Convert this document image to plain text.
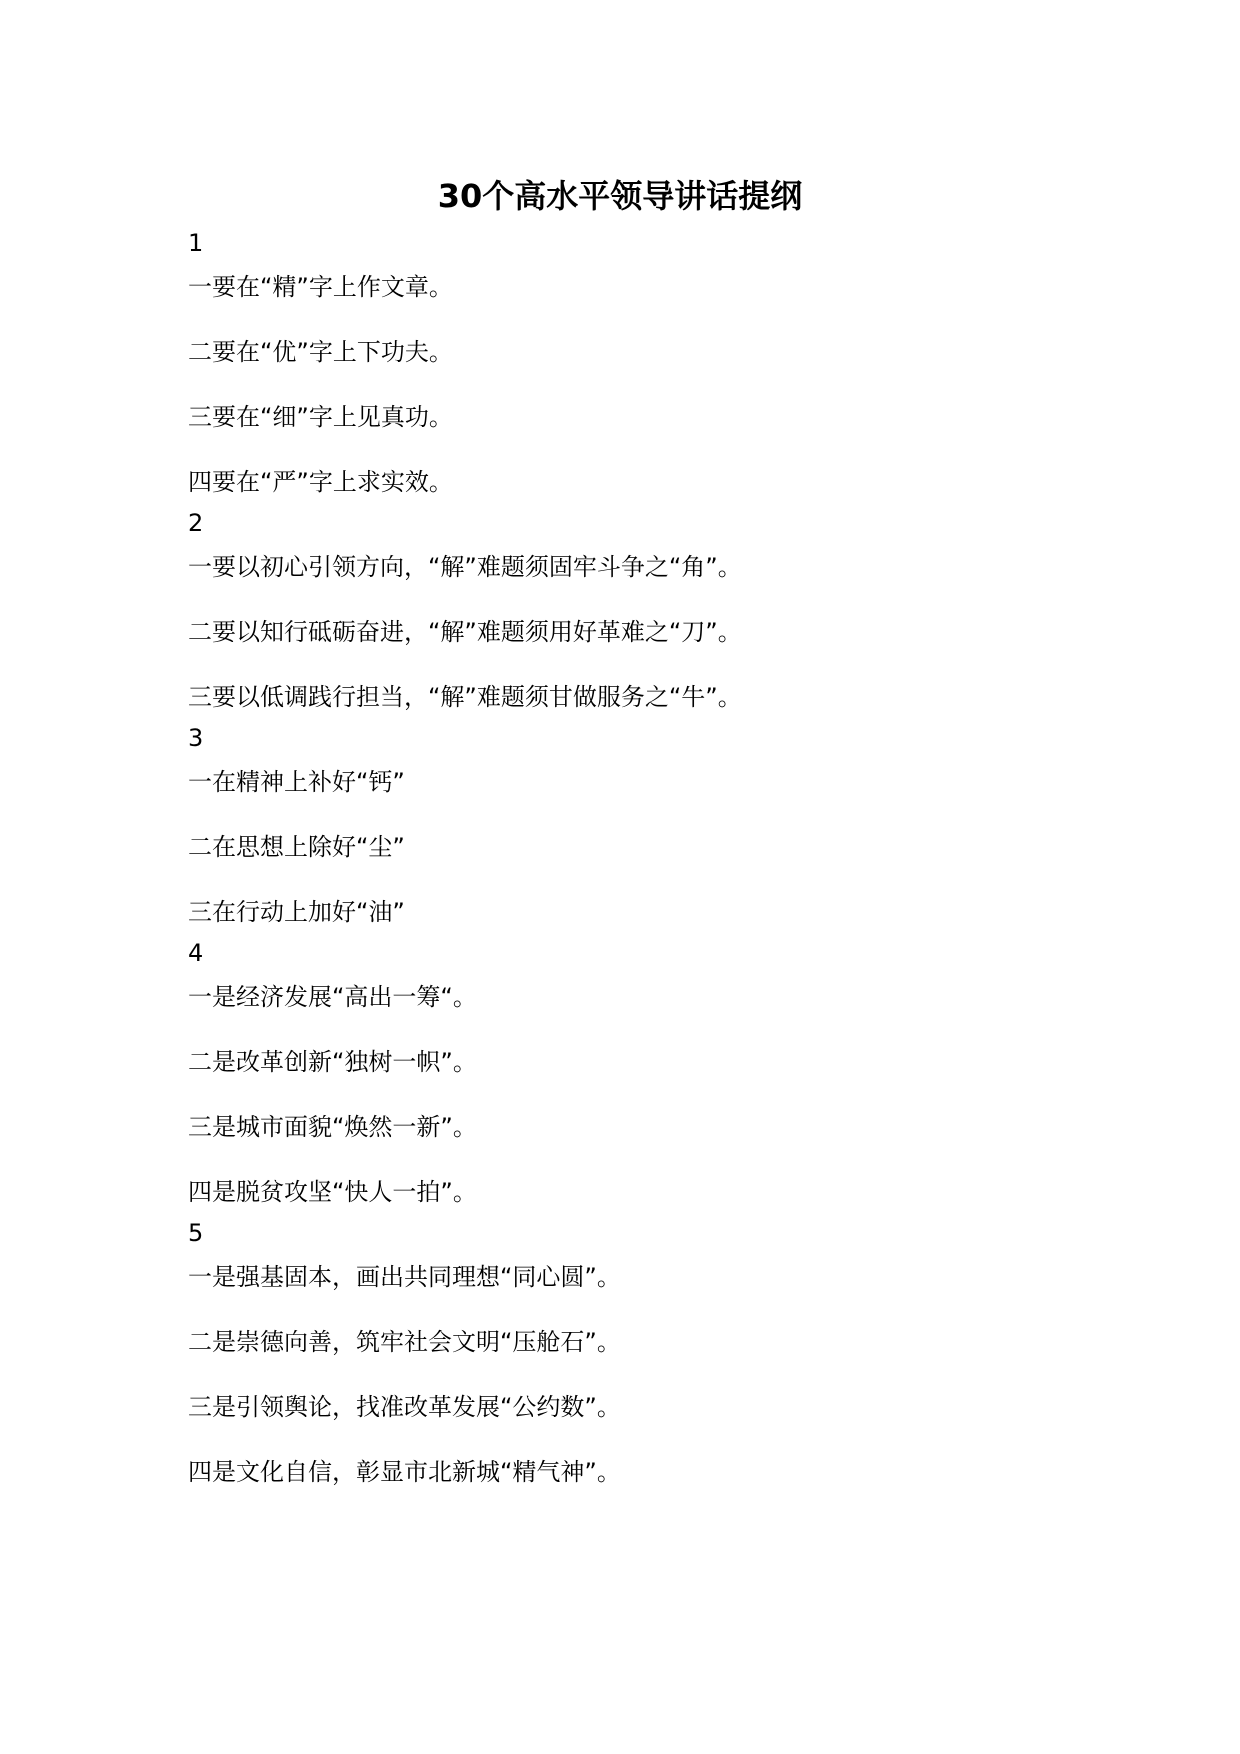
30个高水平领导讲话提纲
1
一要在“精”字上作文章。
二要在“优”字上下功夫。
三要在“细”字上见真功。
四要在“严”字上求实效。
2
一要以初心引领方向，“解”难题须固牢斗争之“角”。
二要以知行砥砺奋进，“解”难题须用好革难之“刀”。
三要以低调践行担当，“解”难题须甘做服务之“牛”。
3
一在精神上补好“钙”
二在思想上除好“尘”
三在行动上加好“油”
4
一是经济发展“高出一筹“。
二是改革创新“独树一帜”。
三是城市面貌“焕然一新”。
四是脱贫攻坚“快人一拍”。
5
一是强基固本，画出共同理想“同心圆”。
二是崇德向善，筑牢社会文明“压舱石”。
三是引领舆论，找准改革发展“公约数”。
四是文化自信，彰显市北新城“精气神”。
